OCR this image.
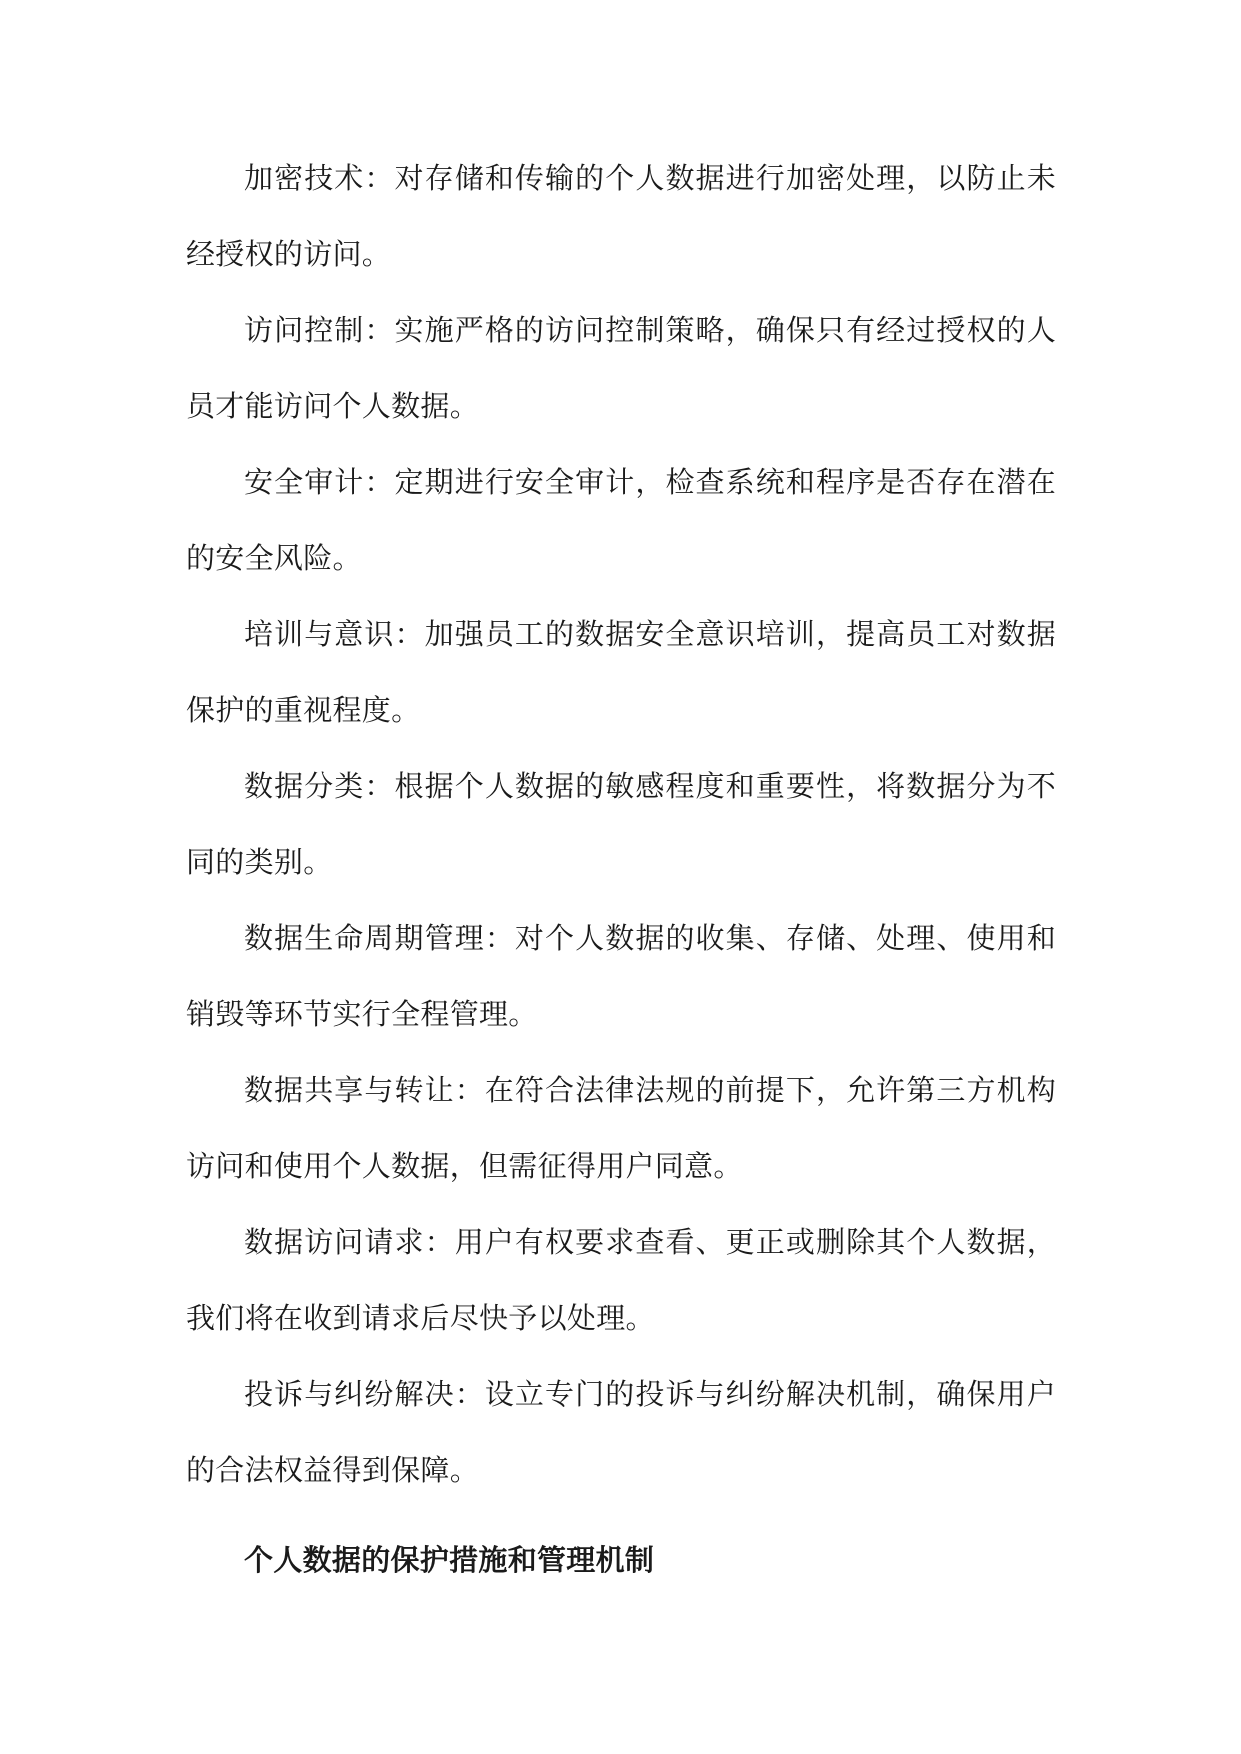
加密技术：对存储和传输的个人数据进行加密处理，以防止未经授权的访问。

访问控制：实施严格的访问控制策略，确保只有经过授权的人员才能访问个人数据。

安全审计：定期进行安全审计，检查系统和程序是否存在潜在的安全风险。

培训与意识：加强员工的数据安全意识培训，提高员工对数据保护的重视程度。

数据分类：根据个人数据的敏感程度和重要性，将数据分为不同的类别。

数据生命周期管理：对个人数据的收集、存储、处理、使用和销毁等环节实行全程管理。

数据共享与转让：在符合法律法规的前提下，允许第三方机构访问和使用个人数据，但需征得用户同意。

数据访问请求：用户有权要求查看、更正或删除其个人数据，我们将在收到请求后尽快予以处理。

投诉与纠纷解决：设立专门的投诉与纠纷解决机制，确保用户的合法权益得到保障。

个人数据的保护措施和管理机制
